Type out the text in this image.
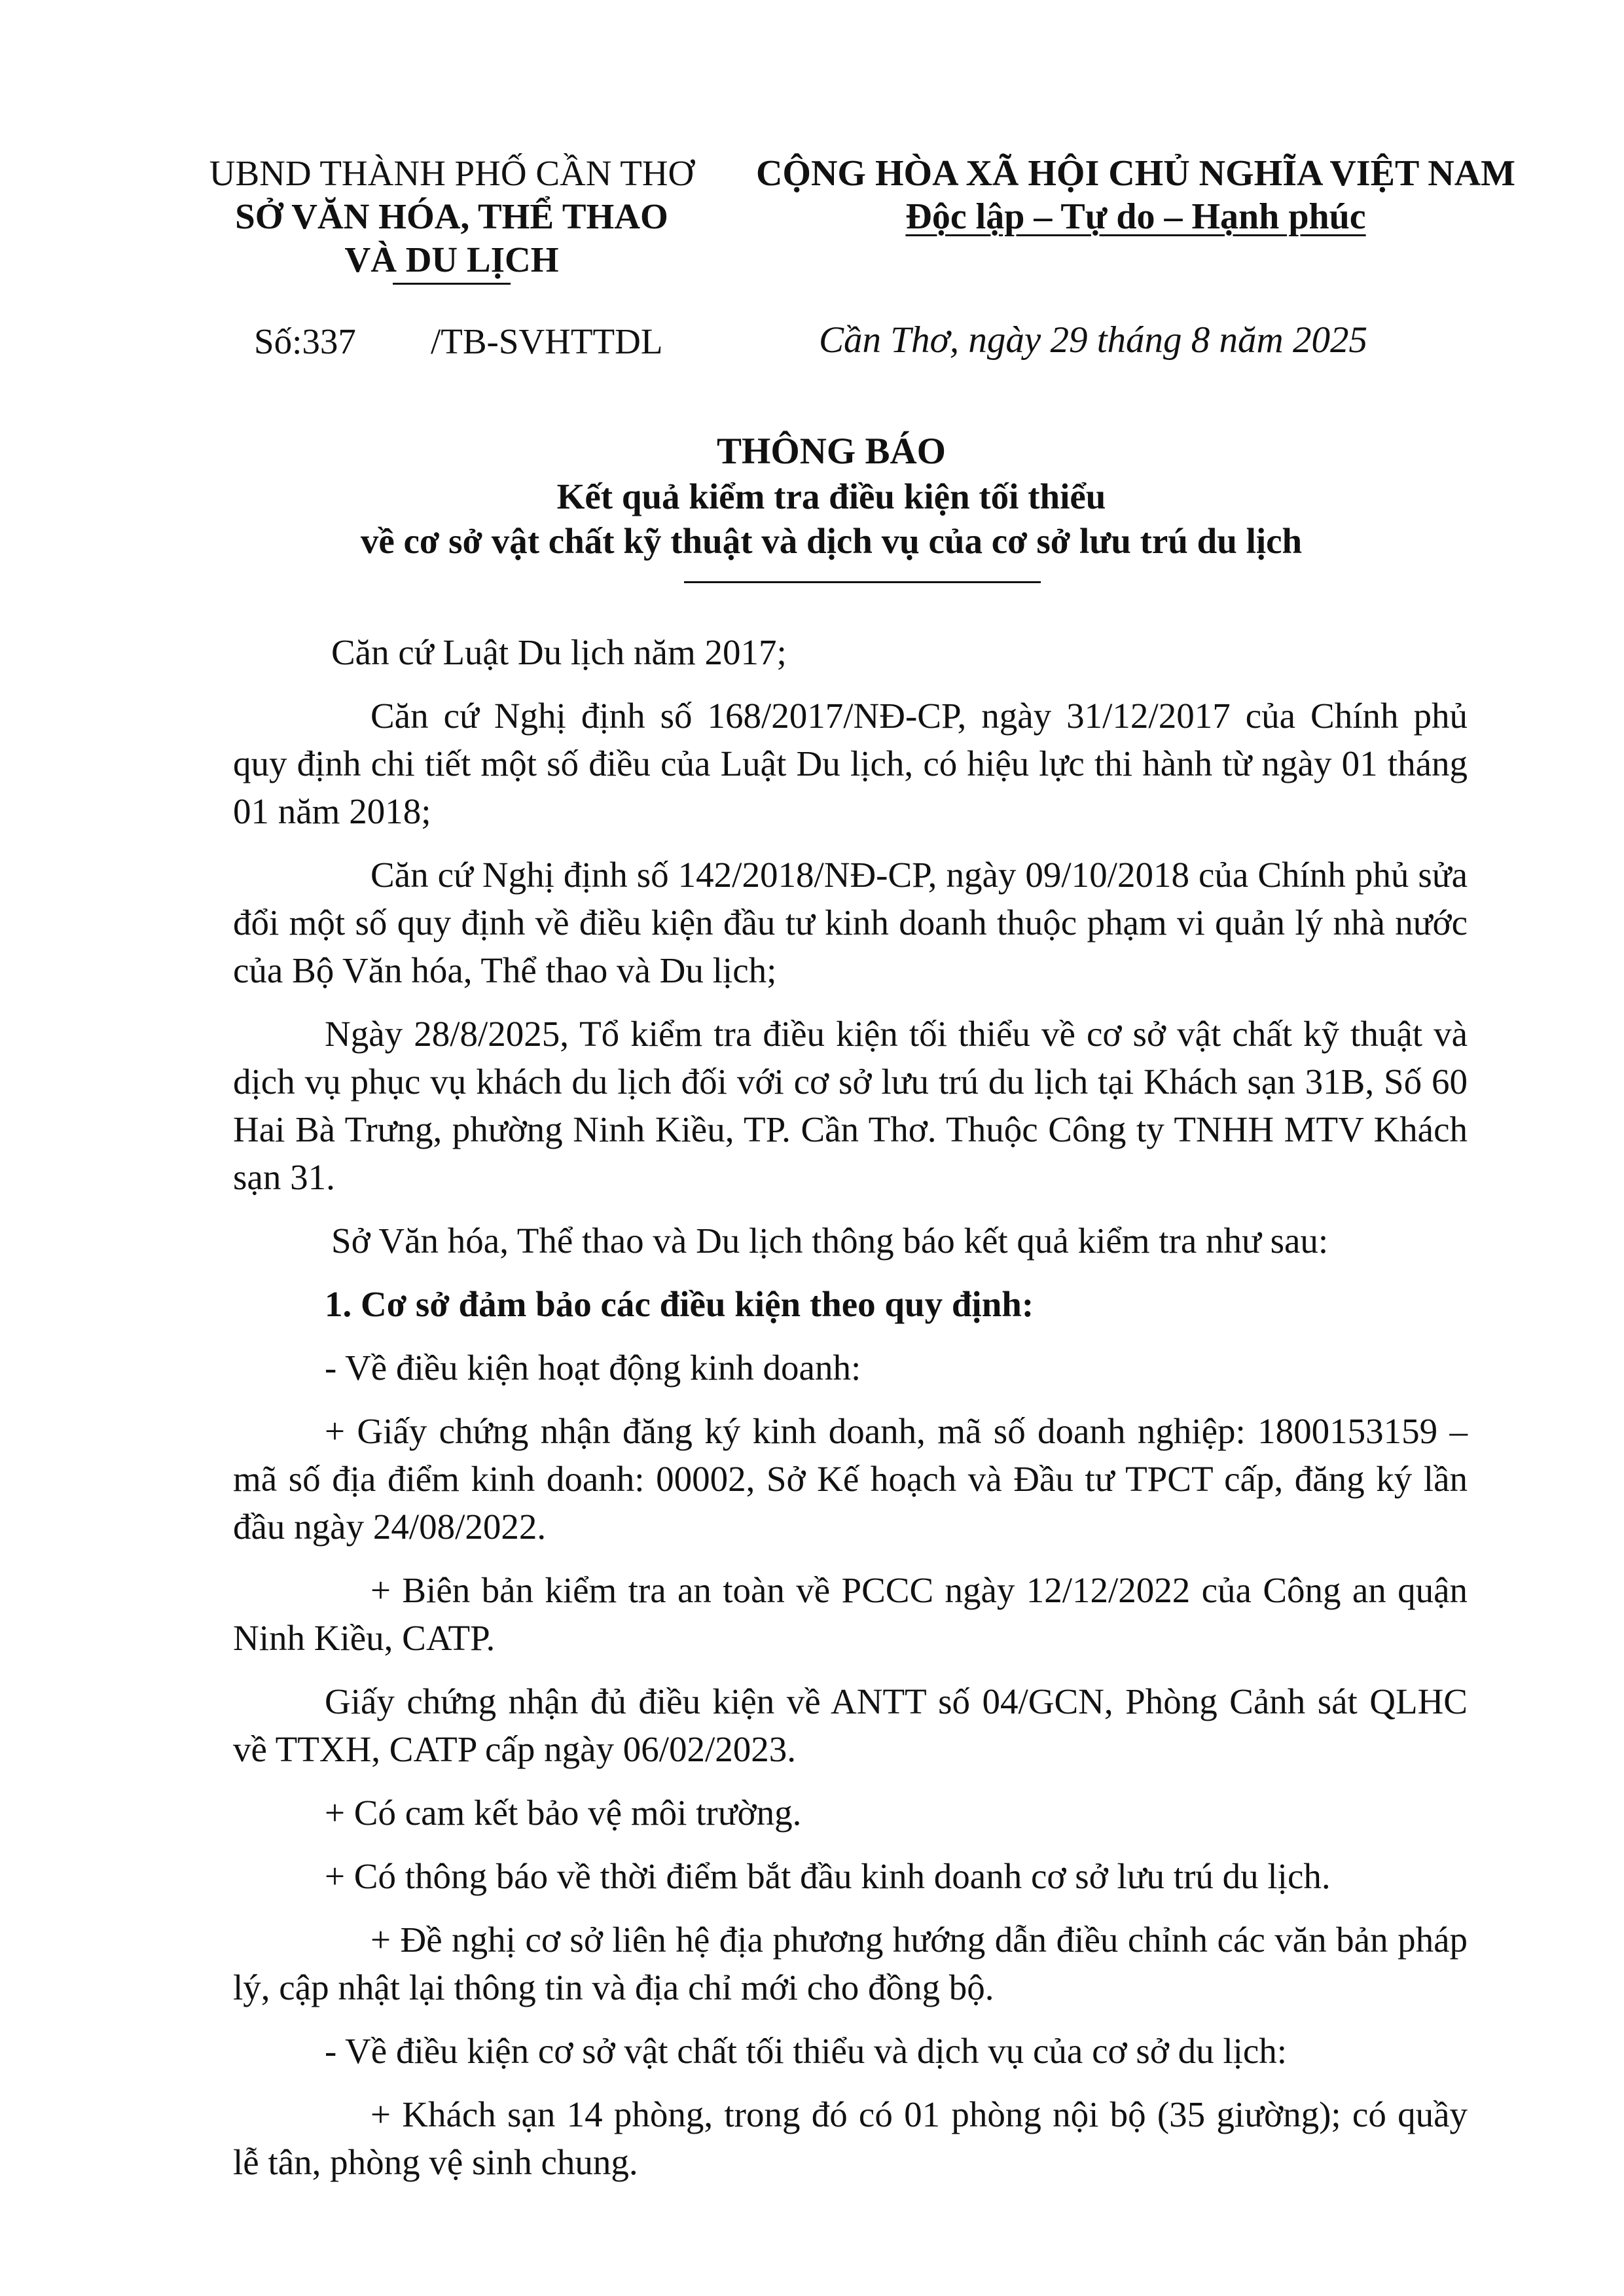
UBND THÀNH PHỐ CẦN THƠ
SỞ VĂN HÓA, THỂ THAO
VÀ DU LỊCH
CỘNG HÒA XÃ HỘI CHỦ NGHĨA VIỆT NAM
Độc lập – Tự do – Hạnh phúc
Số:337 /TB-SVHTTDL	Cần Thơ, ngày 29 tháng 8 năm 2025
THÔNG BÁO
Kết quả kiểm tra điều kiện tối thiểu
về cơ sở vật chất kỹ thuật và dịch vụ của cơ sở lưu trú du lịch

Căn cứ Luật Du lịch năm 2017;

Căn cứ Nghị định số 168/2017/NĐ-CP, ngày 31/12/2017 của Chính phủ quy định chi tiết một số điều của Luật Du lịch, có hiệu lực thi hành từ ngày 01 tháng 01 năm 2018;

Căn cứ Nghị định số 142/2018/NĐ-CP, ngày 09/10/2018 của Chính phủ sửa đổi một số quy định về điều kiện đầu tư kinh doanh thuộc phạm vi quản lý nhà nước của Bộ Văn hóa, Thể thao và Du lịch;

Ngày 28/8/2025, Tổ kiểm tra điều kiện tối thiểu về cơ sở vật chất kỹ thuật và dịch vụ phục vụ khách du lịch đối với cơ sở lưu trú du lịch tại Khách sạn 31B, Số 60 Hai Bà Trưng, phường Ninh Kiều, TP. Cần Thơ. Thuộc Công ty TNHH MTV Khách sạn 31.

Sở Văn hóa, Thể thao và Du lịch thông báo kết quả kiểm tra như sau:

1. Cơ sở đảm bảo các điều kiện theo quy định:

- Về điều kiện hoạt động kinh doanh:

+ Giấy chứng nhận đăng ký kinh doanh, mã số doanh nghiệp: 1800153159 – mã số địa điểm kinh doanh: 00002, Sở Kế hoạch và Đầu tư TPCT cấp, đăng ký lần đầu ngày 24/08/2022.

+ Biên bản kiểm tra an toàn về PCCC ngày 12/12/2022 của Công an quận Ninh Kiều, CATP.

Giấy chứng nhận đủ điều kiện về ANTT số 04/GCN, Phòng Cảnh sát QLHC về TTXH, CATP cấp ngày 06/02/2023.

+ Có cam kết bảo vệ môi trường.

+ Có thông báo về thời điểm bắt đầu kinh doanh cơ sở lưu trú du lịch.

+ Đề nghị cơ sở liên hệ địa phương hướng dẫn điều chỉnh các văn bản pháp lý, cập nhật lại thông tin và địa chỉ mới cho đồng bộ.

- Về điều kiện cơ sở vật chất tối thiểu và dịch vụ của cơ sở du lịch:

+ Khách sạn 14 phòng, trong đó có 01 phòng nội bộ (35 giường); có quầy lễ tân, phòng vệ sinh chung.
